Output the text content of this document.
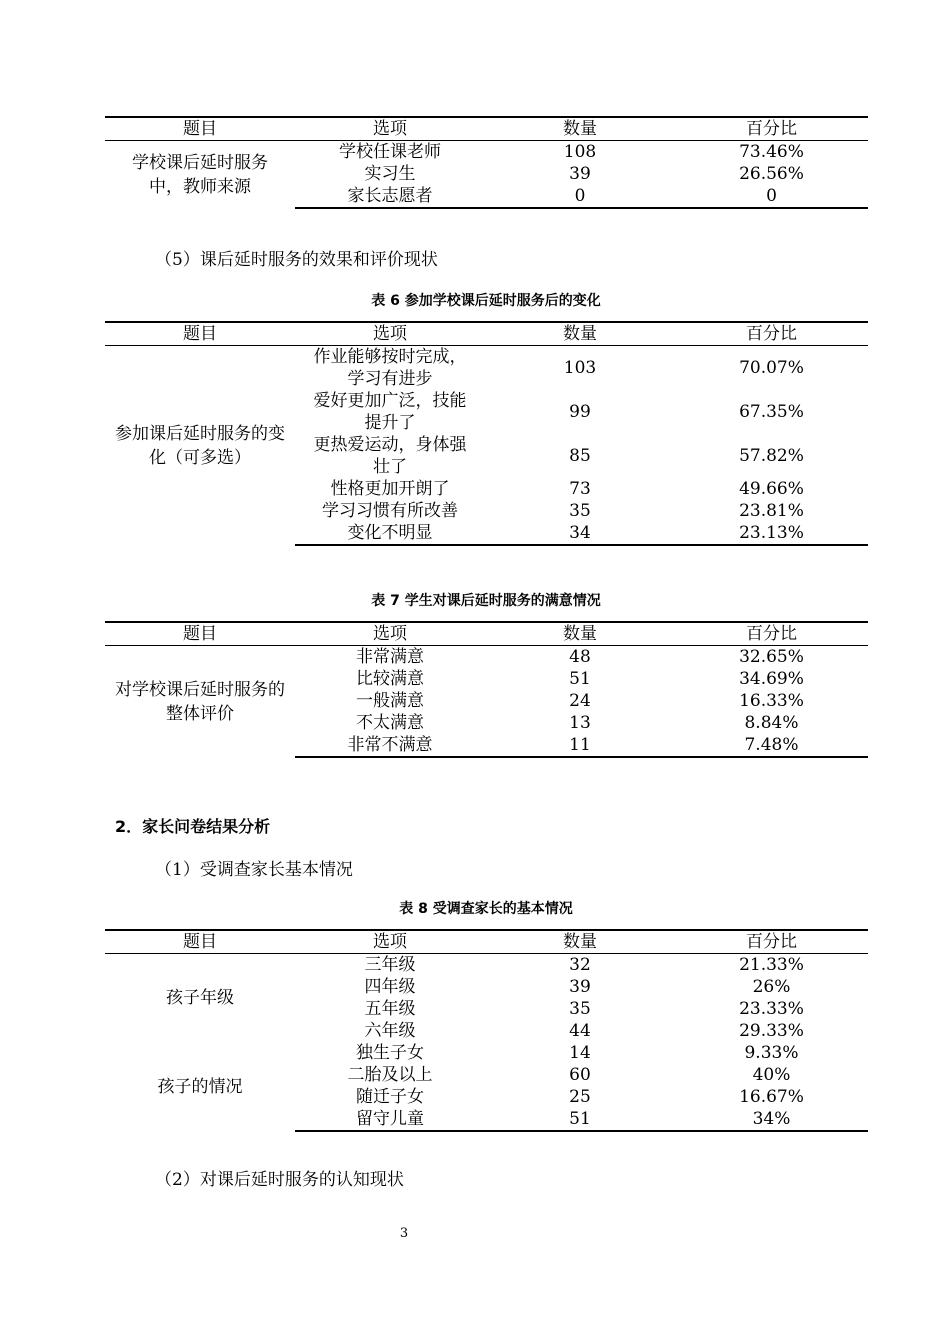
题目	选项	数量	百分比
学校课后延时服务中，教师来源	学校任课老师	108	73.46%
	实习生	39	26.56%
	家长志愿者	0	0
（5）课后延时服务的效果和评价现状
表 6 参加学校课后延时服务后的变化
题目	选项	数量	百分比
参加课后延时服务的变化（可多选）	作业能够按时完成，学习有进步	103	70.07%

	爱好更加广泛，技能提升了	99	67.35%

	更热爱运动，身体强壮了	85	57.82%
	性格更加开朗了	73	49.66%
	学习习惯有所改善	35	23.81%
	变化不明显	34	23.13%
表 7 学生对课后延时服务的满意情况
题目	选项	数量	百分比
对学校课后延时服务的整体评价	非常满意	48	32.65%
	比较满意	51	34.69%
	一般满意	24	16.33%
	不太满意	13	8.84%
	非常不满意	11	7.48%
2．家长问卷结果分析
（1）受调查家长基本情况
表 8 受调查家长的基本情况
题目	选项	数量	百分比
孩子年级	三年级	32	21.33%
	四年级	39	26%
	五年级	35	23.33%
	六年级	44	29.33%
孩子的情况	独生子女	14	9.33%
	二胎及以上	60	40%
	随迁子女	25	16.67%
	留守儿童	51	34%
（2）对课后延时服务的认知现状
3
